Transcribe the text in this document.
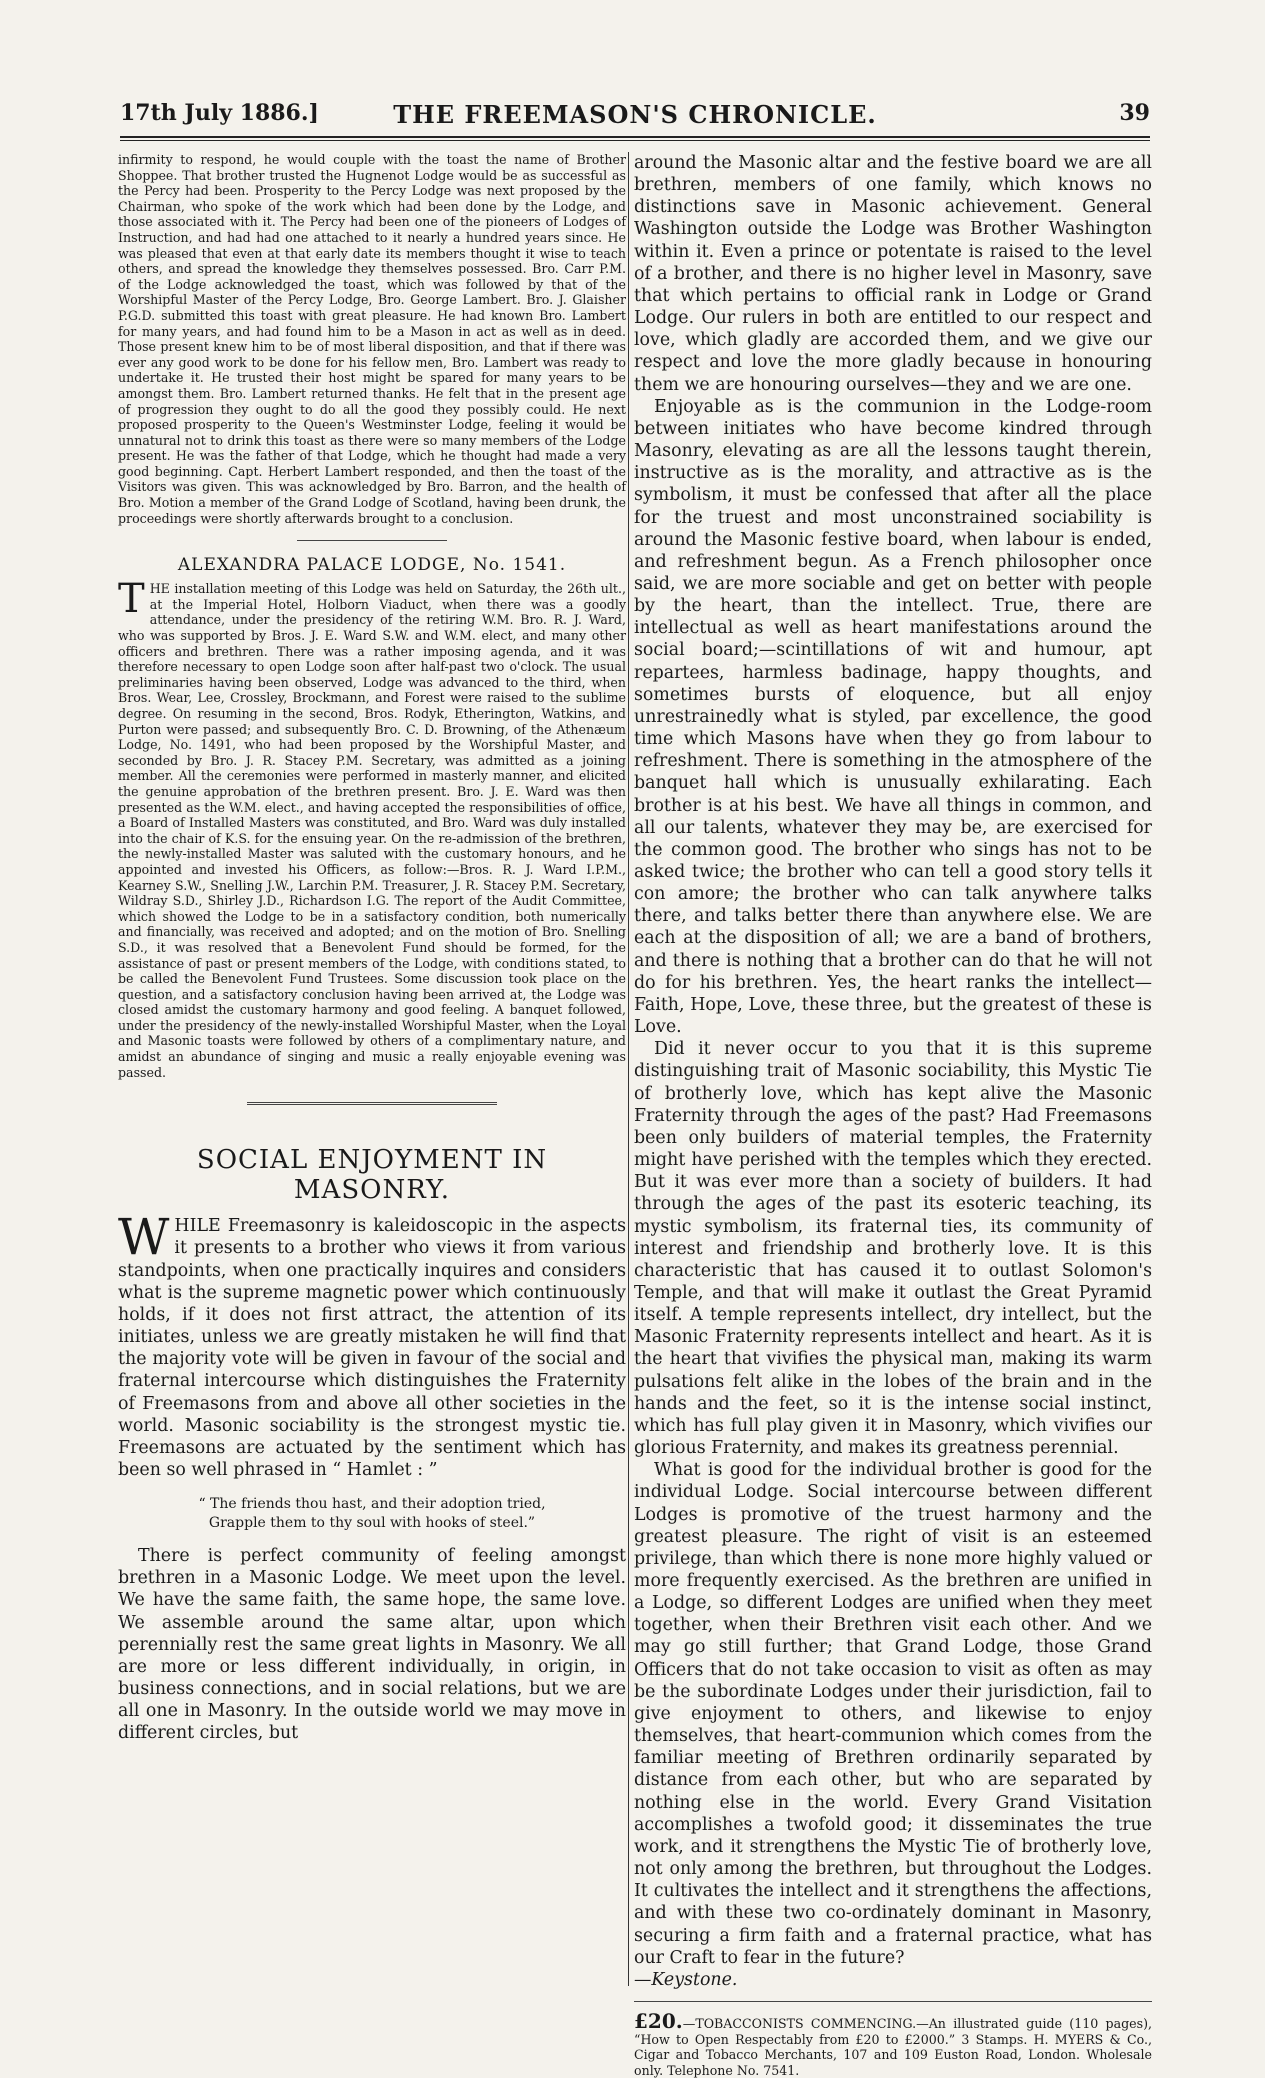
17th July 1886.]	THE FREEMASON'S CHRONICLE.	39

infirmity to respond, he would couple with the toast the name of Brother Shoppee. That brother trusted the Hugnenot Lodge would be as successful as the Percy had been. Prosperity to the Percy Lodge was next proposed by the Chairman, who spoke of the work which had been done by the Lodge, and those associated with it. The Percy had been one of the pioneers of Lodges of Instruction, and had had one attached to it nearly a hundred years since. He was pleased that even at that early date its members thought it wise to teach others, and spread the knowledge they themselves possessed. Bro. Carr P.M. of the Lodge acknowledged the toast, which was followed by that of the Worshipful Master of the Percy Lodge, Bro. George Lambert. Bro. J. Glaisher P.G.D. submitted this toast with great pleasure. He had known Bro. Lambert for many years, and had found him to be a Mason in act as well as in deed. Those present knew him to be of most liberal disposition, and that if there was ever any good work to be done for his fellow men, Bro. Lambert was ready to undertake it. He trusted their host might be spared for many years to be amongst them. Bro. Lambert returned thanks. He felt that in the present age of progression they ought to do all the good they possibly could. He next proposed prosperity to the Queen's Westminster Lodge, feeling it would be unnatural not to drink this toast as there were so many members of the Lodge present. He was the father of that Lodge, which he thought had made a very good beginning. Capt. Herbert Lambert responded, and then the toast of the Visitors was given. This was acknowledged by Bro. Barron, and the health of Bro. Motion a member of the Grand Lodge of Scotland, having been drunk, the proceedings were shortly afterwards brought to a conclusion.

ALEXANDRA PALACE LODGE, No. 1541.

THE installation meeting of this Lodge was held on Saturday, the 26th ult., at the Imperial Hotel, Holborn Viaduct, when there was a goodly attendance, under the presidency of the retiring W.M. Bro. R. J. Ward, who was supported by Bros. J. E. Ward S.W. and W.M. elect, and many other officers and brethren. There was a rather imposing agenda, and it was therefore necessary to open Lodge soon after half-past two o'clock. The usual preliminaries having been observed, Lodge was advanced to the third, when Bros. Wear, Lee, Crossley, Brockmann, and Forest were raised to the sublime degree. On resuming in the second, Bros. Rodyk, Etherington, Watkins, and Purton were passed; and subsequently Bro. C. D. Browning, of the Athenæum Lodge, No. 1491, who had been proposed by the Worshipful Master, and seconded by Bro. J. R. Stacey P.M. Secretary, was admitted as a joining member. All the ceremonies were performed in masterly manner, and elicited the genuine approbation of the brethren present. Bro. J. E. Ward was then presented as the W.M. elect., and having accepted the responsibilities of office, a Board of Installed Masters was constituted, and Bro. Ward was duly installed into the chair of K.S. for the ensuing year. On the re-admission of the brethren, the newly-installed Master was saluted with the customary honours, and he appointed and invested his Officers, as follow:—Bros. R. J. Ward I.P.M., Kearney S.W., Snelling J.W., Larchin P.M. Treasurer, J. R. Stacey P.M. Secretary, Wildray S.D., Shirley J.D., Richardson I.G. The report of the Audit Committee, which showed the Lodge to be in a satisfactory condition, both numerically and financially, was received and adopted; and on the motion of Bro. Snelling S.D., it was resolved that a Benevolent Fund should be formed, for the assistance of past or present members of the Lodge, with conditions stated, to be called the Benevolent Fund Trustees. Some discussion took place on the question, and a satisfactory conclusion having been arrived at, the Lodge was closed amidst the customary harmony and good feeling. A banquet followed, under the presidency of the newly-installed Worshipful Master, when the Loyal and Masonic toasts were followed by others of a complimentary nature, and amidst an abundance of singing and music a really enjoyable evening was passed.

SOCIAL ENJOYMENT IN MASONRY.

WHILE Freemasonry is kaleidoscopic in the aspects it presents to a brother who views it from various standpoints, when one practically inquires and considers what is the supreme magnetic power which continuously holds, if it does not first attract, the attention of its initiates, unless we are greatly mistaken he will find that the majority vote will be given in favour of the social and fraternal intercourse which distinguishes the Fraternity of Freemasons from and above all other societies in the world. Masonic sociability is the strongest mystic tie. Freemasons are actuated by the sentiment which has been so well phrased in “ Hamlet : ”

“ The friends thou hast, and their adoption tried,
Grapple them to thy soul with hooks of steel.”

There is perfect community of feeling amongst brethren in a Masonic Lodge. We meet upon the level. We have the same faith, the same hope, the same love. We assemble around the same altar, upon which perennially rest the same great lights in Masonry. We all are more or less different individually, in origin, in business connections, and in social relations, but we are all one in Masonry. In the outside world we may move in different circles, but

around the Masonic altar and the festive board we are all brethren, members of one family, which knows no distinctions save in Masonic achievement. General Washington outside the Lodge was Brother Washington within it. Even a prince or potentate is raised to the level of a brother, and there is no higher level in Masonry, save that which pertains to official rank in Lodge or Grand Lodge. Our rulers in both are entitled to our respect and love, which gladly are accorded them, and we give our respect and love the more gladly because in honouring them we are honouring ourselves—they and we are one.

Enjoyable as is the communion in the Lodge-room between initiates who have become kindred through Masonry, elevating as are all the lessons taught therein, instructive as is the morality, and attractive as is the symbolism, it must be confessed that after all the place for the truest and most unconstrained sociability is around the Masonic festive board, when labour is ended, and refreshment begun. As a French philosopher once said, we are more sociable and get on better with people by the heart, than the intellect. True, there are intellectual as well as heart manifestations around the social board;—scintillations of wit and humour, apt repartees, harmless badinage, happy thoughts, and sometimes bursts of eloquence, but all enjoy unrestrainedly what is styled, par excellence, the good time which Masons have when they go from labour to refreshment. There is something in the atmosphere of the banquet hall which is unusually exhilarating. Each brother is at his best. We have all things in common, and all our talents, whatever they may be, are exercised for the common good. The brother who sings has not to be asked twice; the brother who can tell a good story tells it con amore; the brother who can talk anywhere talks there, and talks better there than anywhere else. We are each at the disposition of all; we are a band of brothers, and there is nothing that a brother can do that he will not do for his brethren. Yes, the heart ranks the intellect—Faith, Hope, Love, these three, but the greatest of these is Love.

Did it never occur to you that it is this supreme distinguishing trait of Masonic sociability, this Mystic Tie of brotherly love, which has kept alive the Masonic Fraternity through the ages of the past? Had Freemasons been only builders of material temples, the Fraternity might have perished with the temples which they erected. But it was ever more than a society of builders. It had through the ages of the past its esoteric teaching, its mystic symbolism, its fraternal ties, its community of interest and friendship and brotherly love. It is this characteristic that has caused it to outlast Solomon's Temple, and that will make it outlast the Great Pyramid itself. A temple represents intellect, dry intellect, but the Masonic Fraternity represents intellect and heart. As it is the heart that vivifies the physical man, making its warm pulsations felt alike in the lobes of the brain and in the hands and the feet, so it is the intense social instinct, which has full play given it in Masonry, which vivifies our glorious Fraternity, and makes its greatness perennial.

What is good for the individual brother is good for the individual Lodge. Social intercourse between different Lodges is promotive of the truest harmony and the greatest pleasure. The right of visit is an esteemed privilege, than which there is none more highly valued or more frequently exercised. As the brethren are unified in a Lodge, so different Lodges are unified when they meet together, when their Brethren visit each other. And we may go still further; that Grand Lodge, those Grand Officers that do not take occasion to visit as often as may be the subordinate Lodges under their jurisdiction, fail to give enjoyment to others, and likewise to enjoy themselves, that heart-communion which comes from the familiar meeting of Brethren ordinarily separated by distance from each other, but who are separated by nothing else in the world. Every Grand Visitation accomplishes a twofold good; it disseminates the true work, and it strengthens the Mystic Tie of brotherly love, not only among the brethren, but throughout the Lodges. It cultivates the intellect and it strengthens the affections, and with these two co-ordinately dominant in Masonry, securing a firm faith and a fraternal practice, what has our Craft to fear in the future?

—Keystone.

£20.—TOBACCONISTS COMMENCING.—An illustrated guide (110 pages), “How to Open Respectably from £20 to £2000.” 3 Stamps. H. MYERS & Co., Cigar and Tobacco Merchants, 107 and 109 Euston Road, London. Wholesale only. Telephone No. 7541.
